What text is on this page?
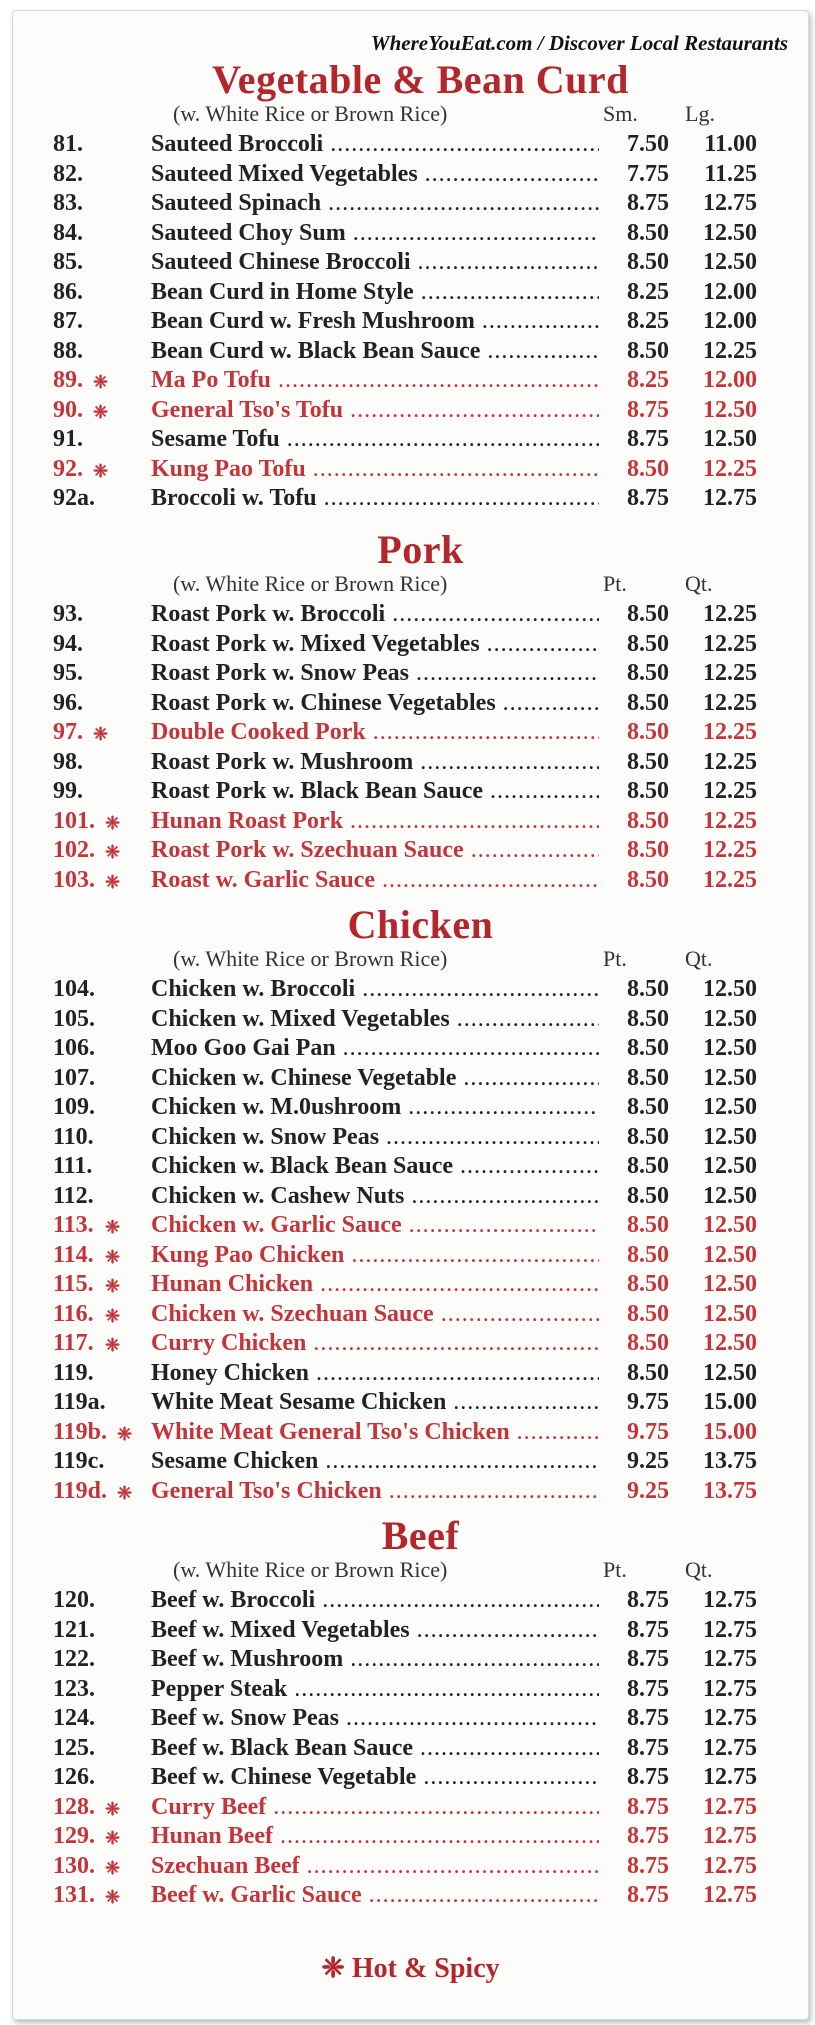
WhereYouEat.com / Discover Local Restaurants
Vegetable & Bean Curd
(w. White Rice or Brown Rice)	Sm. Lg.
81.	Sauteed Broccoli .....	7.50	11.00
82.	Sauteed Mixed Vegetables .....	7.75	11.25
83.	Sauteed Spinach .....	8.75	12.75
84.	Sauteed Choy Sum .....	8.50	12.50
85.	Sauteed Chinese Broccoli .....	8.50	12.50
86.	Bean Curd in Home Style .....	8.25	12.00
87.	Bean Curd w. Fresh Mushroom .....	8.25	12.00
88.	Bean Curd w. Black Bean Sauce .....	8.50	12.25
89. ❈ Ma Po Tofu .....	8.25	12.00
90. ❈ General Tso's Tofu .....	8.75	12.50
91.	Sesame Tofu .....	8.75	12.50
92. ❈ Kung Pao Tofu .....	8.50	12.25
92a. Broccoli w. Tofu .....	8.75	12.75
Pork
(w. White Rice or Brown Rice)	Pt.	Qt.
93.	Roast Pork w. Broccoli .....	8.50	12.25
94.	Roast Pork w. Mixed Vegetables .....	8.50	12.25
95.	Roast Pork w. Snow Peas .....	8.50	12.25
96.	Roast Pork w. Chinese Vegetables .....	8.50	12.25
97. ❈ Double Cooked Pork .....	8.50	12.25
98.	Roast Pork w. Mushroom .....	8.50	12.25
99.	Roast Pork w. Black Bean Sauce .....	8.50	12.25
101. ❈ Hunan Roast Pork .....	8.50	12.25
102. ❈ Roast Pork w. Szechuan Sauce .....	8.50	12.25
103. ❈ Roast w. Garlic Sauce .....	8.50	12.25
Chicken
(w. White Rice or Brown Rice)	Pt.	Qt.
104. Chicken w. Broccoli .....	8.50	12.50
105. Chicken w. Mixed Vegetables .....	8.50	12.50
106. Moo Goo Gai Pan .....	8.50	12.50
107. Chicken w. Chinese Vegetable .....	8.50	12.50
109. Chicken w. M.0ushroom .....	8.50	12.50
110. Chicken w. Snow Peas .....	8.50	12.50
111. Chicken w. Black Bean Sauce .....	8.50	12.50
112. Chicken w. Cashew Nuts .....	8.50	12.50
113. ❈ Chicken w. Garlic Sauce .....	8.50	12.50
114. ❈ Kung Pao Chicken .....	8.50	12.50
115. ❈ Hunan Chicken .....	8.50	12.50
116. ❈ Chicken w. Szechuan Sauce .....	8.50	12.50
117. ❈ Curry Chicken .....	8.50	12.50
119. Honey Chicken .....	8.50	12.50
119a. White Meat Sesame Chicken .....	9.75	15.00
119b. ❈ White Meat General Tso's Chicken .....	9.75	15.00
119c. Sesame Chicken .....	9.25	13.75
119d. ❈ General Tso's Chicken .....	9.25	13.75
Beef
(w. White Rice or Brown Rice)	Pt.	Qt.
120. Beef w. Broccoli .....	8.75	12.75
121. Beef w. Mixed Vegetables .....	8.75	12.75
122. Beef w. Mushroom .....	8.75	12.75
123. Pepper Steak .....	8.75	12.75
124. Beef w. Snow Peas .....	8.75	12.75
125. Beef w. Black Bean Sauce .....	8.75	12.75
126. Beef w. Chinese Vegetable .....	8.75	12.75
128. ❈ Curry Beef .....	8.75	12.75
129. ❈ Hunan Beef .....	8.75	12.75
130. ❈ Szechuan Beef .....	8.75	12.75
131. ❈ Beef w. Garlic Sauce .....	8.75	12.75
❈ Hot & Spicy
